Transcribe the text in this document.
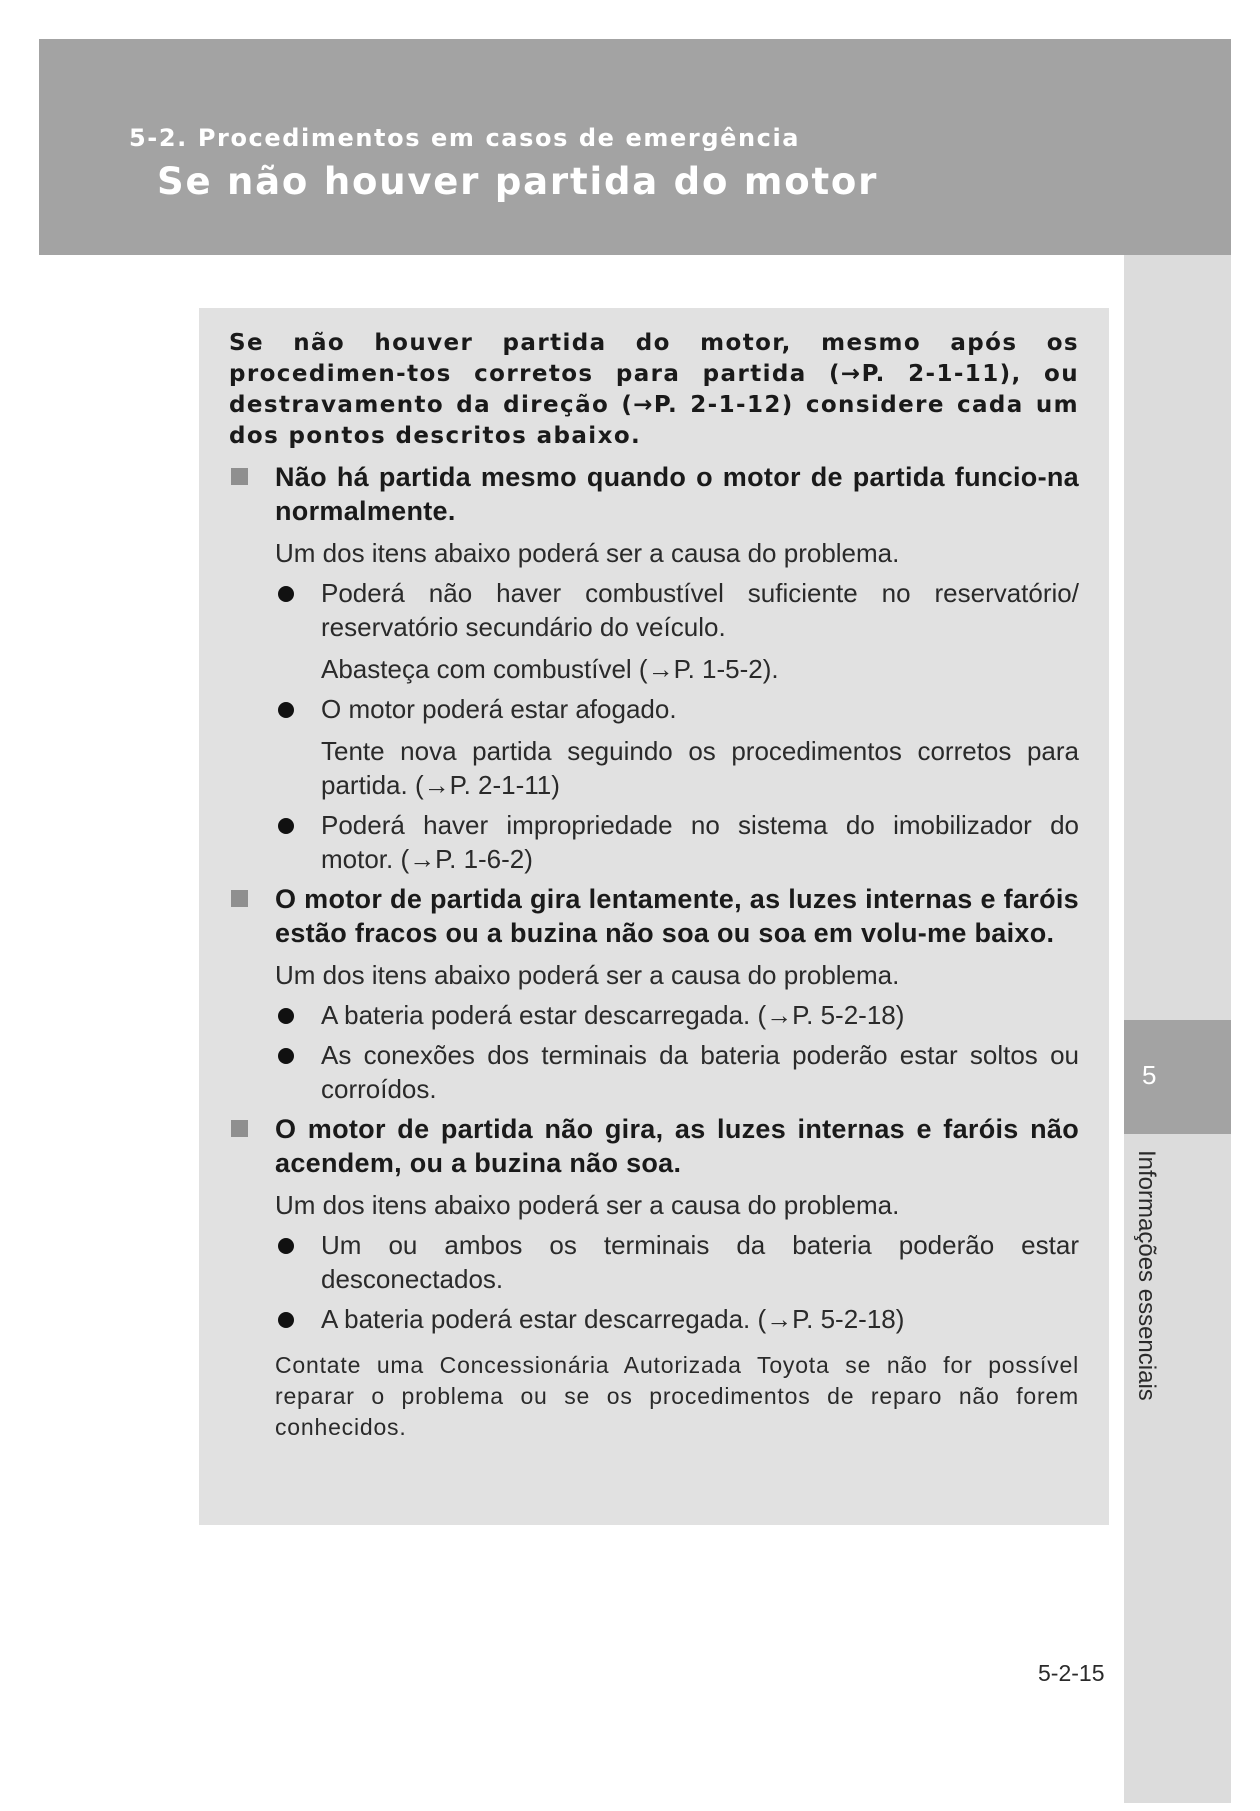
5-2. Procedimentos em casos de emergência
Se não houver partida do motor
5
Informações essenciais

Se não houver partida do motor, mesmo após os procedimen-tos corretos para partida (→P. 2-1-11), ou destravamento da direção (→P. 2-1-12) considere cada um dos pontos descritos abaixo.

Não há partida mesmo quando o motor de partida funcio-na normalmente.

Um dos itens abaixo poderá ser a causa do problema.

Poderá não haver combustível suficiente no reservatório/ reservatório secundário do veículo.

Abasteça com combustível (→P. 1-5-2).

O motor poderá estar afogado.

Tente nova partida seguindo os procedimentos corretos para partida. (→P. 2-1-11)

Poderá haver impropriedade no sistema do imobilizador do motor. (→P. 1-6-2)

O motor de partida gira lentamente, as luzes internas e faróis estão fracos ou a buzina não soa ou soa em volu-me baixo.

Um dos itens abaixo poderá ser a causa do problema.

A bateria poderá estar descarregada. (→P. 5-2-18)

As conexões dos terminais da bateria poderão estar soltos ou corroídos.

O motor de partida não gira, as luzes internas e faróis não acendem, ou a buzina não soa.

Um dos itens abaixo poderá ser a causa do problema.

Um ou ambos os terminais da bateria poderão estar desconectados.

A bateria poderá estar descarregada. (→P. 5-2-18)

Contate uma Concessionária Autorizada Toyota se não for possível reparar o problema ou se os procedimentos de reparo não forem conhecidos.

5-2-15
